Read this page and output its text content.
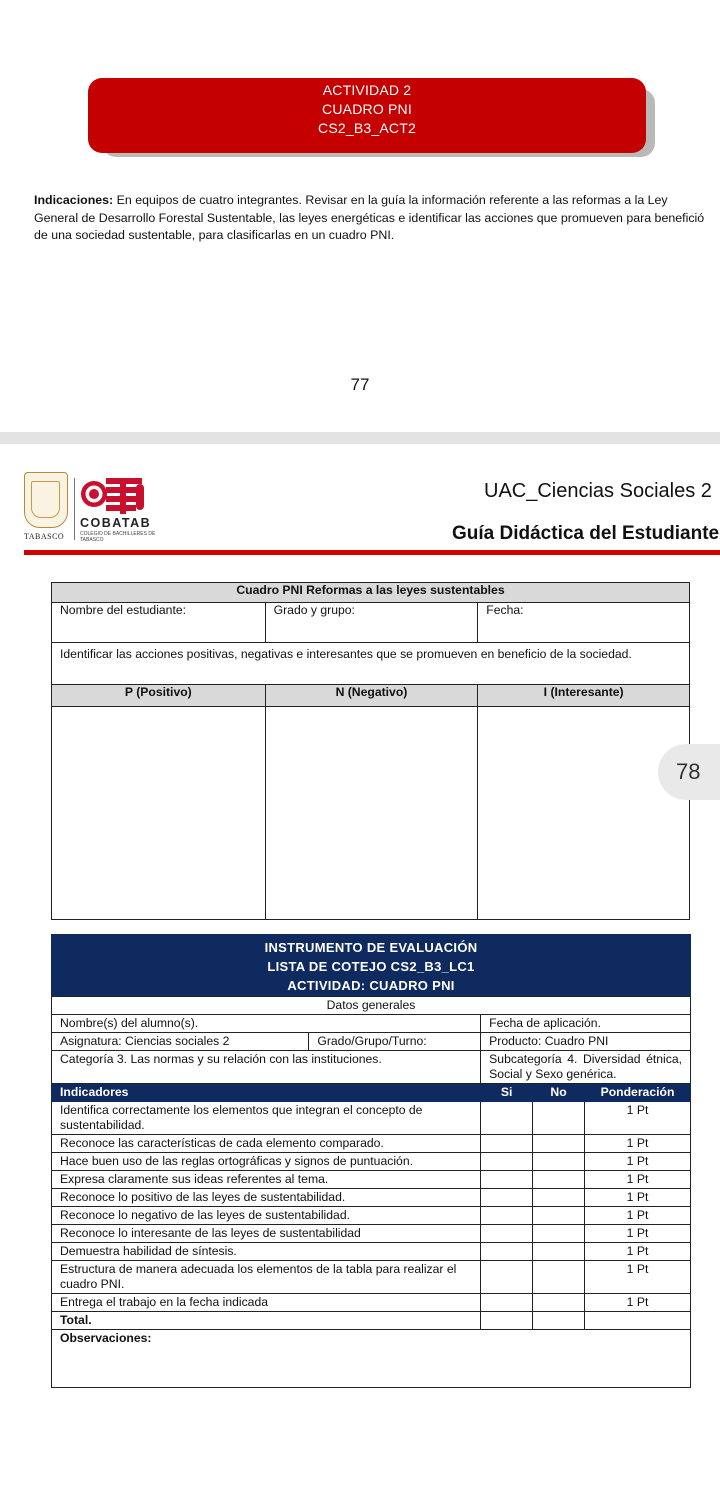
ACTIVIDAD 2
CUADRO PNI
CS2_B3_ACT2

Indicaciones: En equipos de cuatro integrantes. Revisar en la guía la información referente a las reformas a la Ley General de Desarrollo Forestal Sustentable, las leyes energéticas e identificar las acciones que promueven para benefició de una sociedad sustentable, para clasificarlas en un cuadro PNI.

77
TABASCO
COBATAB
COLEGIO DE BACHILLERES DE TABASCO
UAC_Ciencias Sociales 2
Guía Didáctica del Estudiante
Cuadro PNI Reformas a las leyes sustentables		
Nombre del estudiante:	Grado y grupo:	Fecha:
Identificar las acciones positivas, negativas e interesantes que se promueven en beneficio de la sociedad.		
P (Positivo)	N (Negativo)	I (Interesante)

78
INSTRUMENTO DE EVALUACIÓN
LISTA DE COTEJO CS2_B3_LC1
ACTIVIDAD: CUADRO PNI
Datos generales				
Nombre(s) del alumno(s).		Fecha de aplicación.		
Asignatura: Ciencias sociales 2	Grado/Grupo/Turno:	Producto: Cuadro PNI		
Categoría 3. Las normas y su relación con las instituciones.		Subcategoría 4. Diversidad étnica, Social y Sexo genérica.		
Indicadores		Si	No	Ponderación
Identifica correctamente los elementos que integran el concepto de sustentabilidad.				1 Pt
Reconoce las características de cada elemento comparado.				1 Pt
Hace buen uso de las reglas ortográficas y signos de puntuación.				1 Pt
Expresa claramente sus ideas referentes al tema.				1 Pt
Reconoce lo positivo de las leyes de sustentabilidad.				1 Pt
Reconoce lo negativo de las leyes de sustentabilidad.				1 Pt
Reconoce lo interesante de las leyes de sustentabilidad				1 Pt
Demuestra habilidad de síntesis.				1 Pt
Estructura de manera adecuada los elementos de la tabla para realizar el cuadro PNI.				1 Pt
Entrega el trabajo en la fecha indicada				1 Pt
Total.				
Observaciones:				
